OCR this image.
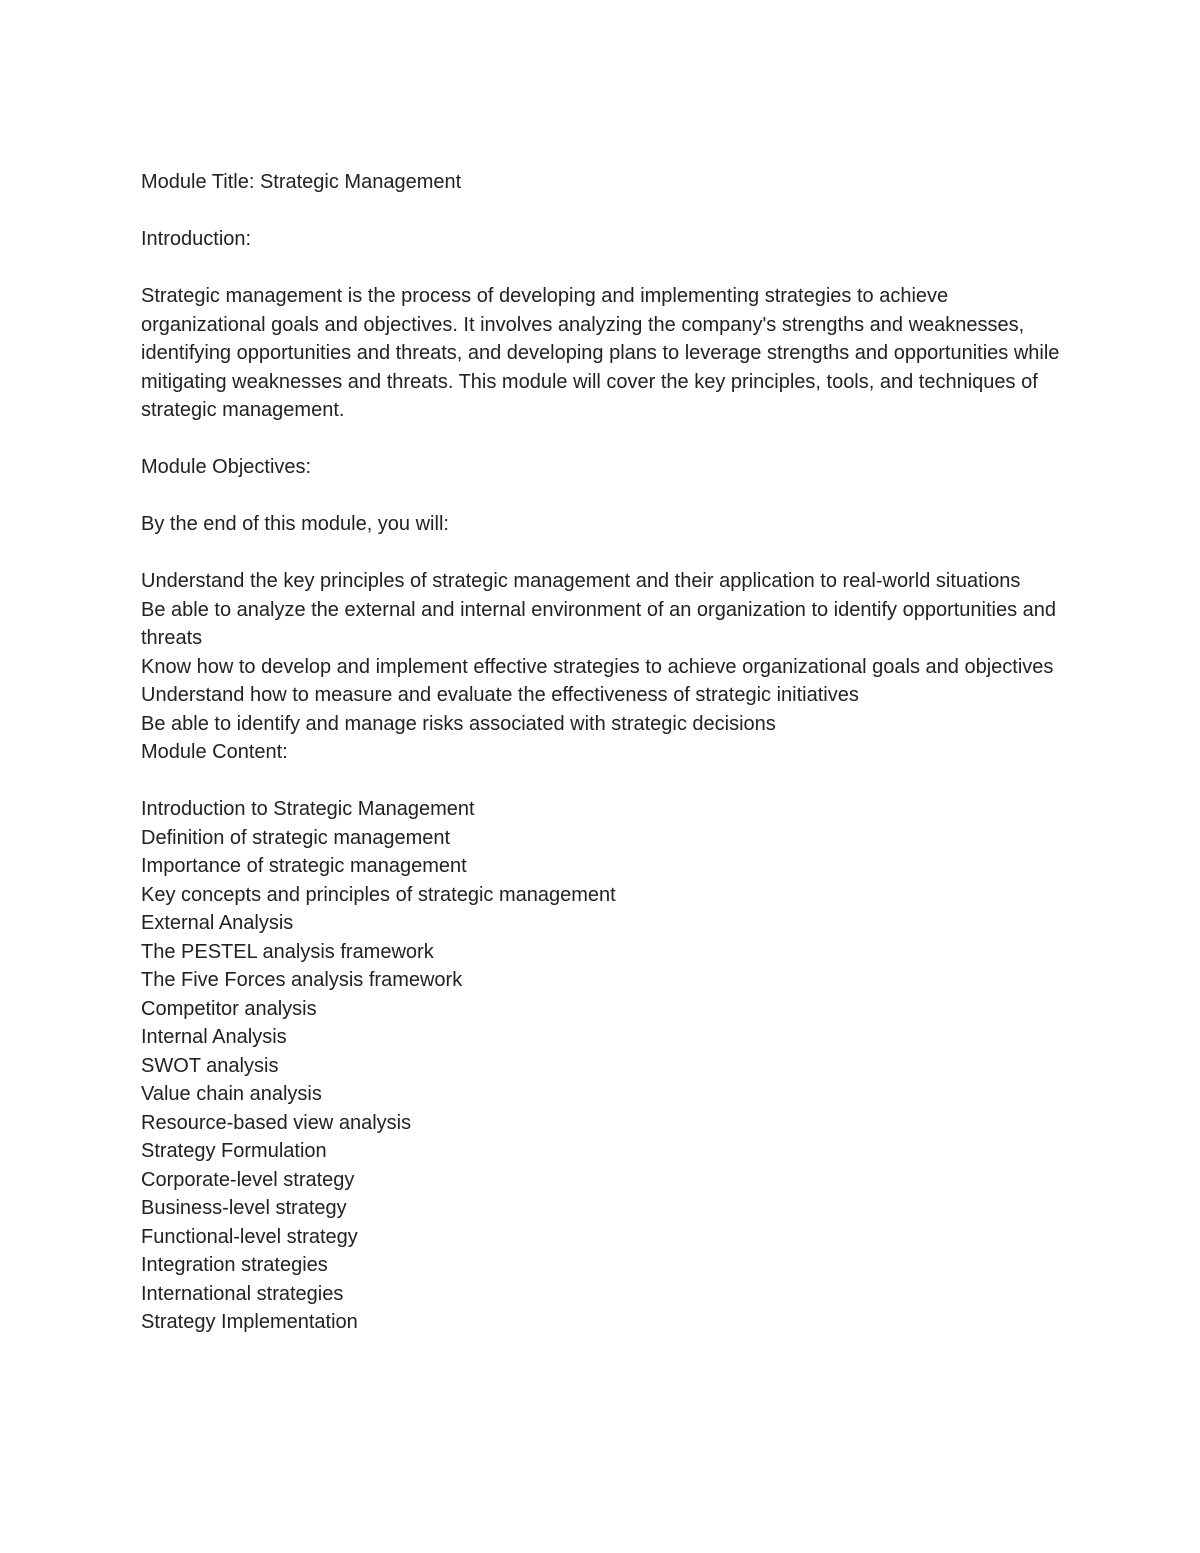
Module Title: Strategic Management

Introduction:

Strategic management is the process of developing and implementing strategies to achieve organizational goals and objectives. It involves analyzing the company's strengths and weaknesses, identifying opportunities and threats, and developing plans to leverage strengths and opportunities while mitigating weaknesses and threats. This module will cover the key principles, tools, and techniques of strategic management.

Module Objectives:

By the end of this module, you will:

Understand the key principles of strategic management and their application to real-world situations

Be able to analyze the external and internal environment of an organization to identify opportunities and threats

Know how to develop and implement effective strategies to achieve organizational goals and objectives

Understand how to measure and evaluate the effectiveness of strategic initiatives

Be able to identify and manage risks associated with strategic decisions

Module Content:

Introduction to Strategic Management

Definition of strategic management

Importance of strategic management

Key concepts and principles of strategic management

External Analysis

The PESTEL analysis framework

The Five Forces analysis framework

Competitor analysis

Internal Analysis

SWOT analysis

Value chain analysis

Resource-based view analysis

Strategy Formulation

Corporate-level strategy

Business-level strategy

Functional-level strategy

Integration strategies

International strategies

Strategy Implementation
